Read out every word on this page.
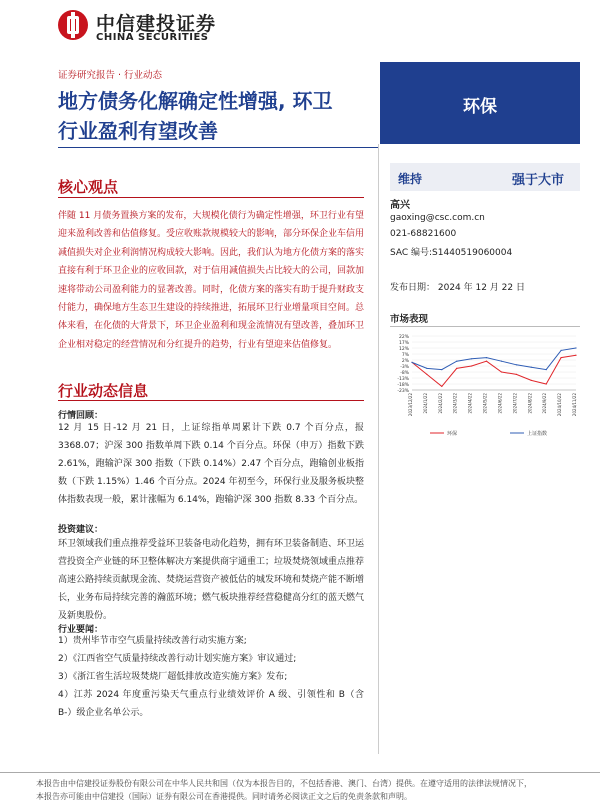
中信建投证券
CHINA SECURITIES
证券研究报告 · 行业动态
地方债务化解确定性增强, 环卫
行业盈利有望改善
环保
核心观点
伴随 11 月债务置换方案的发布，大规模化债行为确定性增强，环卫行业有望迎来盈利改善和估值修复。受应收账款规模较大的影响，部分环保企业车信用减值损失对企业利润情况构成较大影响。因此，我们认为地方化债方案的落实直接有利于环卫企业的应收回款，对于信用减值损失占比较大的公司，回款加速将带动公司盈利能力的显著改善。同时，化债方案的落实有助于提升财政支付能力，确保地方生态卫生建设的持续推进，拓展环卫行业增量项目空间。总体来看，在化债的大背景下，环卫企业盈利和现金流情况有望改善，叠加环卫企业相对稳定的经营情况和分红提升的趋势，行业有望迎来估值修复。
行业动态信息
行情回顾：
12 月 15 日-12 月 21 日，上证综指单周累计下跌 0.7 个百分点，报 3368.07；沪深 300 指数单周下跌 0.14 个百分点。环保（申万）指数下跌 2.61%，跑输沪深 300 指数（下跌 0.14%）2.47 个百分点，跑输创业板指数（下跌 1.15%）1.46 个百分点。2024 年初至今，环保行业及服务板块整体指数表现一般，累计涨幅为 6.14%，跑输沪深 300 指数 8.33 个百分点。
投资建议：
环卫领域我们重点推荐受益环卫装备电动化趋势，拥有环卫装备制造、环卫运营投资全产业链的环卫整体解决方案提供商宇通重工；垃圾焚烧领域重点推荐高速公路持续贡献现金流、焚烧运营资产被低估的城发环境和焚烧产能不断增长，业务布局持续完善的瀚蓝环境；燃气板块推荐经营稳健高分红的蓝天燃气及新奥股份。
行业要闻：
1）贵州毕节市空气质量持续改善行动实施方案;
2）《江西省空气质量持续改善行动计划实施方案》审议通过;
3）《浙江省生活垃圾焚烧厂超低排放改造实施方案》发布;
4）江苏 2024 年度重污染天气重点行业绩效评价 A 级、引领性和 B（含 B-）级企业名单公示。
维持	强于大市
高兴
gaoxing@csc.com.cn
021-68821600
SAC 编号:S1440519060004
发布日期： 2024 年 12 月 22 日
市场表现
22%
17%
12%
7%
2%
-3%
-8%
-13%
-18%
-23%
2023/12/22 2024/1/22 2024/2/22 2024/3/22 2024/4/22 2024/5/22 2024/6/22 2024/7/22 2024/8/22 2024/9/22 2024/10/22 2024/11/22
环保	上证指数
本报告由中信建投证券股份有限公司在中华人民共和国（仅为本报告目的，不包括香港、澳门、台湾）提供。在遵守适用的法律法规情况下，
本报告亦可能由中信建投（国际）证券有限公司在香港提供。同时请务必阅读正文之后的免责条款和声明。
